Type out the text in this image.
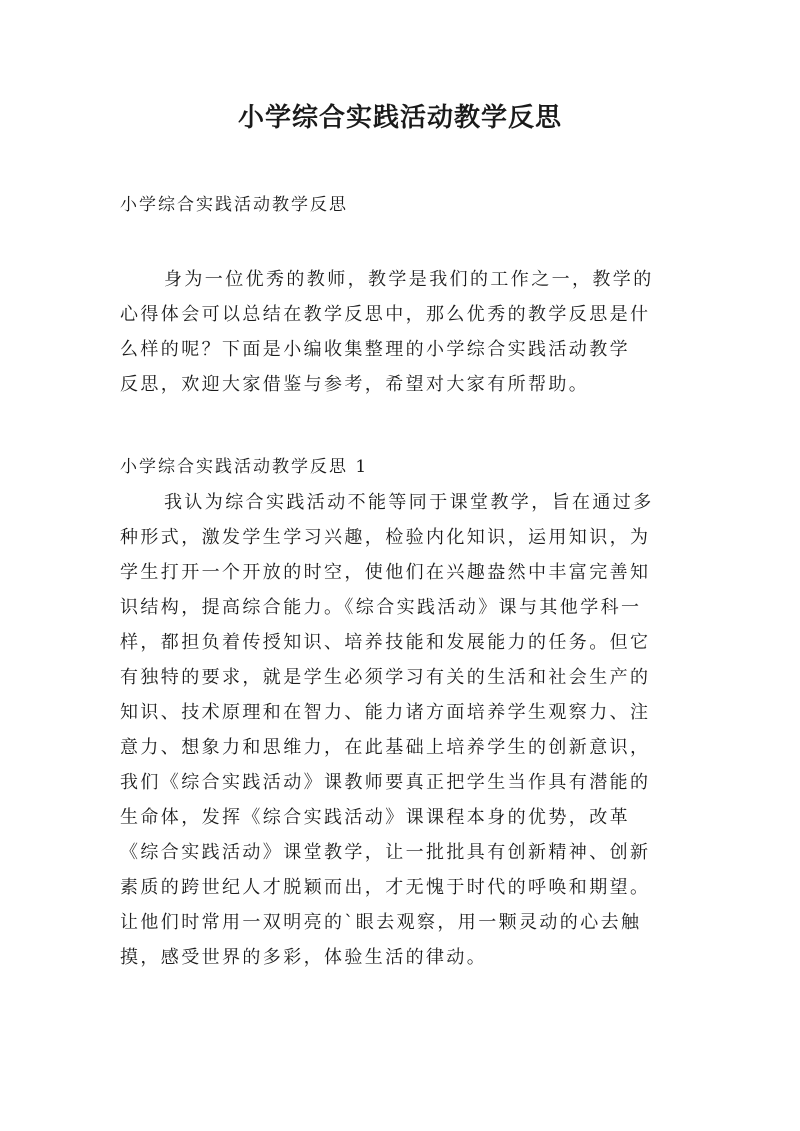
小学综合实践活动教学反思

小学综合实践活动教学反思

身为一位优秀的教师，教学是我们的工作之一，教学的
心得体会可以总结在教学反思中，那么优秀的教学反思是什
么样的呢？下面是小编收集整理的小学综合实践活动教学
反思，欢迎大家借鉴与参考，希望对大家有所帮助。

小学综合实践活动教学反思 1

我认为综合实践活动不能等同于课堂教学，旨在通过多
种形式，激发学生学习兴趣，检验内化知识，运用知识，为
学生打开一个开放的时空，使他们在兴趣盎然中丰富完善知
识结构，提高综合能力。《综合实践活动》课与其他学科一
样，都担负着传授知识、培养技能和发展能力的任务。但它
有独特的要求，就是学生必须学习有关的生活和社会生产的
知识、技术原理和在智力、能力诸方面培养学生观察力、注
意力、想象力和思维力，在此基础上培养学生的创新意识，
我们《综合实践活动》课教师要真正把学生当作具有潜能的
生命体，发挥《综合实践活动》课课程本身的优势，改革
《综合实践活动》课堂教学，让一批批具有创新精神、创新
素质的跨世纪人才脱颖而出，才无愧于时代的呼唤和期望。
让他们时常用一双明亮的`眼去观察，用一颗灵动的心去触
摸，感受世界的多彩，体验生活的律动。
